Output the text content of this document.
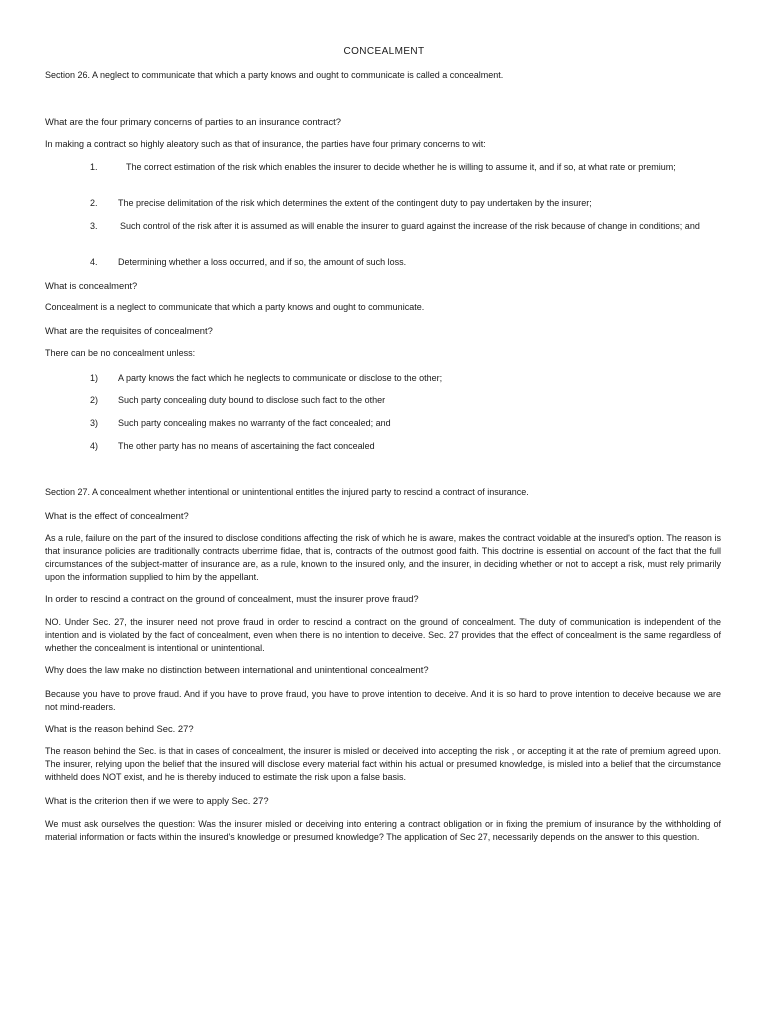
CONCEALMENT
Section 26. A neglect to communicate that which a party knows and ought to communicate is called a concealment.
What are the four primary concerns of parties to an insurance contract?
In making a contract so highly aleatory such as that of insurance, the parties have four primary concerns to wit:
1.	The correct estimation of the risk which enables the insurer to decide whether he is willing to assume it, and if so, at what rate or premium;
2. The precise delimitation of the risk which determines the extent of the contingent duty to pay undertaken by the insurer;
3. Such control of the risk after it is assumed as will enable the insurer to guard against the increase of the risk because of change in conditions; and
4. Determining whether a loss occurred, and if so, the amount of such loss.
What is concealment?
Concealment is a neglect to communicate that which a party knows and ought to communicate.
What are the requisites of concealment?
There can be no concealment unless:
1) A party knows the fact which he neglects to communicate or disclose to the other;
2) Such party concealing duty bound to disclose such fact to the other
3) Such party concealing makes no warranty of the fact concealed; and
4) The other party has no means of ascertaining the fact concealed
Section 27. A concealment whether intentional or unintentional entitles the injured party to rescind a contract of insurance.
What is the effect of concealment?
As a rule, failure on the part of the insured to disclose conditions affecting the risk of which he is aware, makes the contract voidable at the insured's option. The reason is that insurance policies are traditionally contracts uberrime fidae, that is, contracts of the outmost good faith. This doctrine is essential on account of the fact that the full circumstances of the subject-matter of insurance are, as a rule, known to the insured only, and the insurer, in deciding whether or not to accept a risk, must rely primarily upon the information supplied to him by the appellant.
In order to rescind a contract on the ground of concealment, must the insurer prove fraud?
NO. Under Sec. 27, the insurer need not prove fraud in order to rescind a contract on the ground of concealment. The duty of communication is independent of the intention and is violated by the fact of concealment, even when there is no intention to deceive. Sec. 27 provides that the effect of concealment is the same regardless of whether the concealment is intentional or unintentional.
Why does the law make no distinction between international and unintentional concealment?
Because you have to prove fraud. And if you have to prove fraud, you have to prove intention to deceive. And it is so hard to prove intention to deceive because we are not mind-readers.
What is the reason behind Sec. 27?
The reason behind the Sec. is that in cases of concealment, the insurer is misled or deceived into accepting the risk , or accepting it at the rate of premium agreed upon. The insurer, relying upon the belief that the insured will disclose every material fact within his actual or presumed knowledge, is misled into a belief that the circumstance withheld does NOT exist, and he is thereby induced to estimate the risk upon a false basis.
What is the criterion then if we were to apply Sec. 27?
We must ask ourselves the question: Was the insurer misled or deceiving into entering a contract obligation or in fixing the premium of insurance by the withholding of material information or facts within the insured's knowledge or presumed knowledge? The application of Sec 27, necessarily depends on the answer to this question.
